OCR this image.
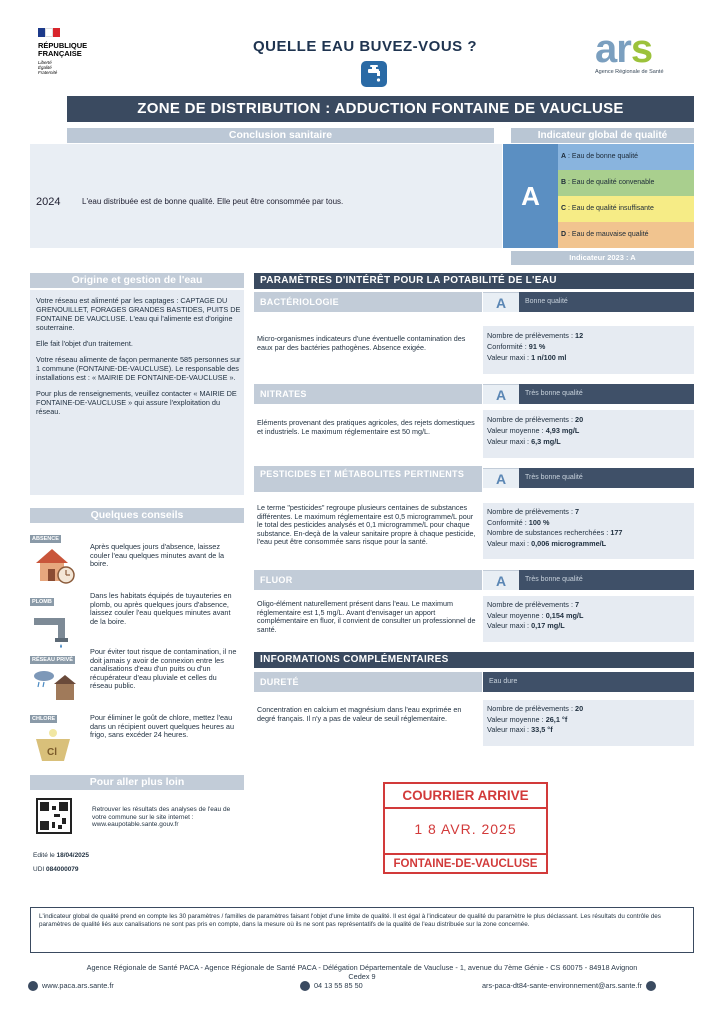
RÉPUBLIQUE
FRANÇAISE
Liberté
Égalité
Fraternité
QUELLE EAU BUVEZ-VOUS ?	ars
Agence Régionale de Santé
ZONE DE DISTRIBUTION : ADDUCTION FONTAINE DE VAUCLUSE
Conclusion sanitaire
2024	L'eau distribuée est de bonne qualité. Elle peut être consommée par tous.
Indicateur global de qualité
A
A : Eau de bonne qualité
B : Eau de qualité convenable
C : Eau de qualité insuffisante
D : Eau de mauvaise qualité
Indicateur 2023 : A
Origine et gestion de l'eau

Votre réseau est alimenté par les captages : CAPTAGE DU GRENOUILLET, FORAGES GRANDES BASTIDES, PUITS DE FONTAINE DE VAUCLUSE. L'eau qui l'alimente est d'origine souterraine.

Elle fait l'objet d'un traitement.

Votre réseau alimente de façon permanente 585 personnes sur 1 commune (FONTAINE-DE-VAUCLUSE). Le responsable des installations est : « MAIRIE DE FONTAINE-DE-VAUCLUSE ».

Pour plus de renseignements, veuillez contacter « MAIRIE DE FONTAINE-DE-VAUCLUSE » qui assure l'exploitation du réseau.

Quelques conseils
ABSENCE
Après quelques jours d'absence, laissez couler l'eau quelques minutes avant de la boire.
PLOMB
Dans les habitats équipés de tuyauteries en plomb, ou après quelques jours d'absence, laissez couler l'eau quelques minutes avant de la boire.
RÉSEAU PRIVÉ
Pour éviter tout risque de contamination, il ne doit jamais y avoir de connexion entre les canalisations d'eau d'un puits ou d'un récupérateur d'eau pluviale et celles du réseau public.
CHLORE
Cl
Pour éliminer le goût de chlore, mettez l'eau dans un récipient ouvert quelques heures au frigo, sans excéder 24 heures.
Pour aller plus loin
Retrouver les résultats des analyses de l'eau de votre commune sur le site internet : www.eaupotable.sante.gouv.fr
Edité le 18/04/2025
UDI 084000079
PARAMÈTRES D'INTÉRÊT POUR LA POTABILITÉ DE L'EAU
BACTÉRIOLOGIE	A	Bonne qualité
Micro-organismes indicateurs d'une éventuelle contamination des eaux par des bactéries pathogènes. Absence exigée.
Nombre de prélèvements : 12
Conformité : 91 %
Valeur maxi : 1 n/100 ml
NITRATES	A	Très bonne qualité
Eléments provenant des pratiques agricoles, des rejets domestiques et industriels. Le maximum réglementaire est 50 mg/L.
Nombre de prélèvements : 20
Valeur moyenne : 4,93 mg/L
Valeur maxi : 6,3 mg/L
PESTICIDES ET MÉTABOLITES PERTINENTS	A	Très bonne qualité
Le terme "pesticides" regroupe plusieurs centaines de substances différentes. Le maximum réglementaire est 0,5 microgramme/L pour le total des pesticides analysés et 0,1 microgramme/L pour chaque substance. En-deçà de la valeur sanitaire propre à chaque pesticide, l'eau peut être consommée sans risque pour la santé.
Nombre de prélèvements : 7
Conformité : 100 %
Nombre de substances recherchées : 177
Valeur maxi : 0,006 microgramme/L
FLUOR	A	Très bonne qualité
Oligo-élément naturellement présent dans l'eau. Le maximum réglementaire est 1,5 mg/L. Avant d'envisager un apport complémentaire en fluor, il convient de consulter un professionnel de santé.
Nombre de prélèvements : 7
Valeur moyenne : 0,154 mg/L
Valeur maxi : 0,17 mg/L
INFORMATIONS COMPLÉMENTAIRES
DURETÉ	Eau dure
Concentration en calcium et magnésium dans l'eau exprimée en degré français. Il n'y a pas de valeur de seuil réglementaire.
Nombre de prélèvements : 20
Valeur moyenne : 26,1 °f
Valeur maxi : 33,5 °f
COURRIER ARRIVE
1 8 AVR. 2025
FONTAINE-DE-VAUCLUSE
L'indicateur global de qualité prend en compte les 30 paramètres / familles de paramètres faisant l'objet d'une limite de qualité. Il est égal à l'indicateur de qualité du paramètre le plus déclassant. Les résultats du contrôle des paramètres de qualité liés aux canalisations ne sont pas pris en compte, dans la mesure où ils ne sont pas représentatifs de la qualité de l'eau distribuée sur la zone concernée.
Agence Régionale de Santé PACA - Agence Régionale de Santé PACA - Délégation Départementale de Vaucluse - 1, avenue du 7ème Génie - CS 60075 - 84918 Avignon
Cedex 9
www.paca.ars.sante.fr	04 13 55 85 50	ars-paca-dt84-sante-environnement@ars.sante.fr
